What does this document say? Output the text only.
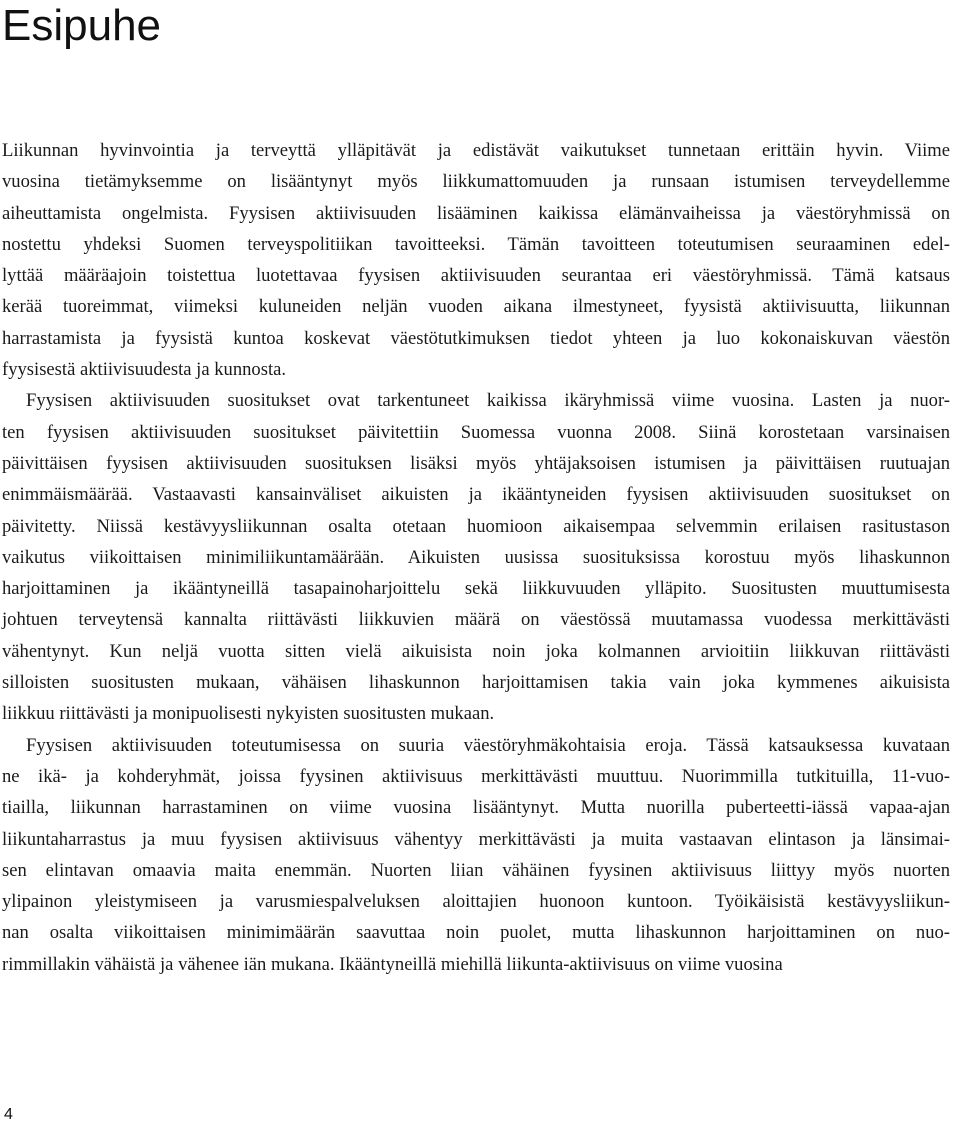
Esipuhe
Liikunnan hyvinvointia ja terveyttä ylläpitävät ja edistävät vaikutukset tunnetaan erittäin hyvin. Viime
vuosina tietämyksemme on lisääntynyt myös liikkumattomuuden ja runsaan istumisen terveydellemme
aiheuttamista ongelmista. Fyysisen aktiivisuuden lisääminen kaikissa elämänvaiheissa ja väestöryhmissä on
nostettu yhdeksi Suomen terveyspolitiikan tavoitteeksi. Tämän tavoitteen toteutumisen seuraaminen edel-
lyttää määräajoin toistettua luotettavaa fyysisen aktiivisuuden seurantaa eri väestöryhmissä. Tämä katsaus
kerää tuoreimmat, viimeksi kuluneiden neljän vuoden aikana ilmestyneet, fyysistä aktiivisuutta, liikunnan
harrastamista ja fyysistä kuntoa koskevat väestötutkimuksen tiedot yhteen ja luo kokonaiskuvan väestön
fyysisestä aktiivisuudesta ja kunnosta.
Fyysisen aktiivisuuden suositukset ovat tarkentuneet kaikissa ikäryhmissä viime vuosina. Lasten ja nuor-
ten fyysisen aktiivisuuden suositukset päivitettiin Suomessa vuonna 2008. Siinä korostetaan varsinaisen
päivittäisen fyysisen aktiivisuuden suosituksen lisäksi myös yhtäjaksoisen istumisen ja päivittäisen ruutuajan
enimmäismäärää. Vastaavasti kansainväliset aikuisten ja ikääntyneiden fyysisen aktiivisuuden suositukset on
päivitetty. Niissä kestävyysliikunnan osalta otetaan huomioon aikaisempaa selvemmin erilaisen rasitustason
vaikutus viikoittaisen minimiliikuntamäärään. Aikuisten uusissa suosituksissa korostuu myös lihaskunnon
harjoittaminen ja ikääntyneillä tasapainoharjoittelu sekä liikkuvuuden ylläpito. Suositusten muuttumisesta
johtuen terveytensä kannalta riittävästi liikkuvien määrä on väestössä muutamassa vuodessa merkittävästi
vähentynyt. Kun neljä vuotta sitten vielä aikuisista noin joka kolmannen arvioitiin liikkuvan riittävästi
silloisten suositusten mukaan, vähäisen lihaskunnon harjoittamisen takia vain joka kymmenes aikuisista
liikkuu riittävästi ja monipuolisesti nykyisten suositusten mukaan.
Fyysisen aktiivisuuden toteutumisessa on suuria väestöryhmäkohtaisia eroja. Tässä katsauksessa kuvataan
ne ikä- ja kohderyhmät, joissa fyysinen aktiivisuus merkittävästi muuttuu. Nuorimmilla tutkituilla, 11-vuo-
tiailla, liikunnan harrastaminen on viime vuosina lisääntynyt. Mutta nuorilla puberteetti-iässä vapaa-ajan
liikuntaharrastus ja muu fyysisen aktiivisuus vähentyy merkittävästi ja muita vastaavan elintason ja länsimai-
sen elintavan omaavia maita enemmän. Nuorten liian vähäinen fyysinen aktiivisuus liittyy myös nuorten
ylipainon yleistymiseen ja varusmiespalveluksen aloittajien huonoon kuntoon. Työikäisistä kestävyysliikun-
nan osalta viikoittaisen minimimäärän saavuttaa noin puolet, mutta lihaskunnon harjoittaminen on nuo-
rimmillakin vähäistä ja vähenee iän mukana. Ikääntyneillä miehillä liikunta-aktiivisuus on viime vuosina
4
